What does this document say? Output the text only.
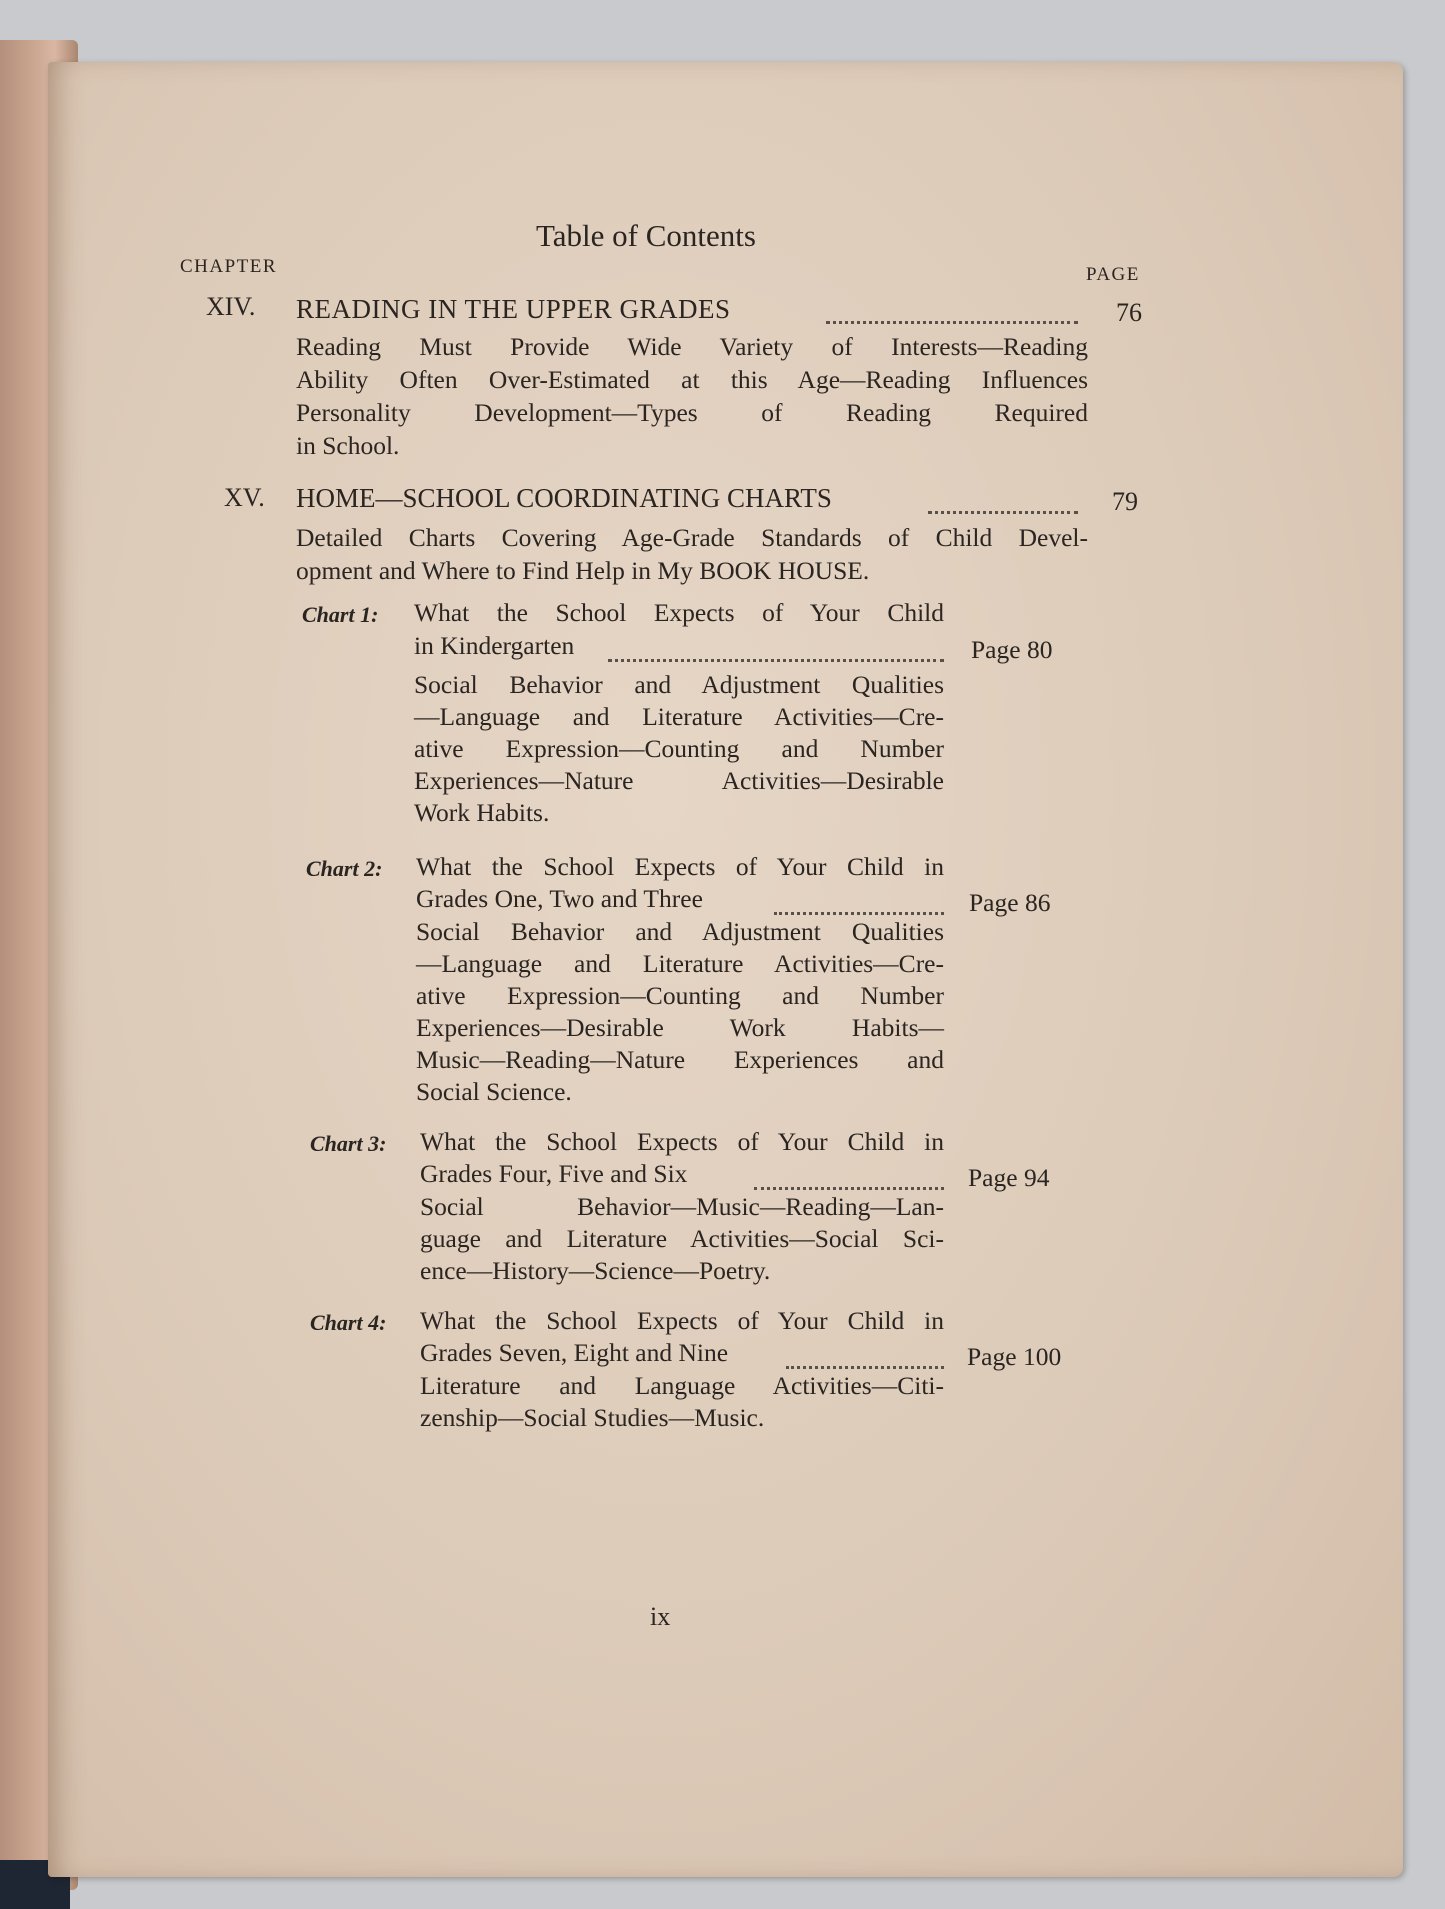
Table of Contents
CHAPTER	PAGE
XIV. READING IN THE UPPER GRADES	76
Reading Must Provide Wide Variety of Interests—Reading
Ability Often Over-Estimated at this Age—Reading Influences
Personality Development—Types of Reading Required
in School.
XV. HOME—SCHOOL COORDINATING CHARTS	79
Detailed Charts Covering Age-Grade Standards of Child Devel-
opment and Where to Find Help in My BOOK HOUSE.
Chart 1: What the School Expects of Your Child
in Kindergarten	Page 80
Social Behavior and Adjustment Qualities
—Language and Literature Activities—Cre-
ative Expression—Counting and Number
Experiences—Nature Activities—Desirable
Work Habits.
Chart 2: What the School Expects of Your Child in
Grades One, Two and Three	Page 86
Social Behavior and Adjustment Qualities
—Language and Literature Activities—Cre-
ative Expression—Counting and Number
Experiences—Desirable Work Habits—
Music—Reading—Nature Experiences and
Social Science.
Chart 3: What the School Expects of Your Child in
Grades Four, Five and Six	Page 94
Social Behavior—Music—Reading—Lan-
guage and Literature Activities—Social Sci-
ence—History—Science—Poetry.
Chart 4: What the School Expects of Your Child in
Grades Seven, Eight and Nine	Page 100
Literature and Language Activities—Citi-
zenship—Social Studies—Music.
ix
